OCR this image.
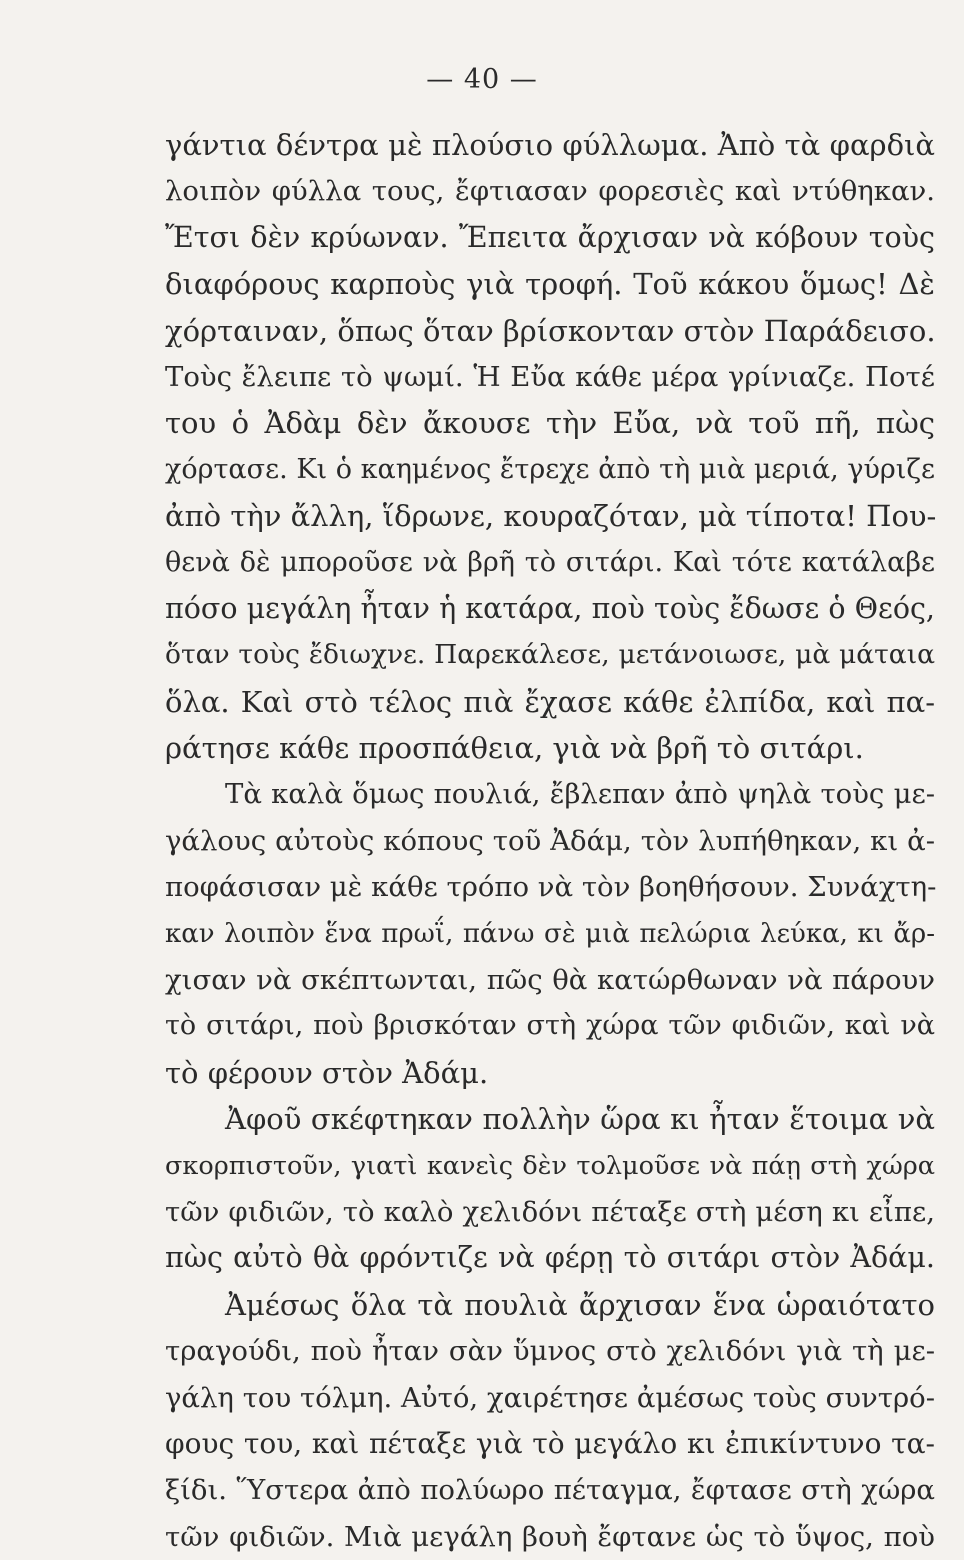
— 40 —
γάντια δέντρα μὲ πλούσιο φύλλωμα. Ἀπὸ τὰ φαρδιὰ
λοιπὸν φύλλα τους, ἔφτιασαν φορεσιὲς καὶ ντύθηκαν.
Ἔτσι δὲν κρύωναν. Ἔπειτα ἄρχισαν νὰ κόβουν τοὺς
διαφόρους καρποὺς γιὰ τροφή. Τοῦ κάκου ὅμως! Δὲ
χόρταιναν, ὅπως ὅταν βρίσκονταν στὸν Παράδεισο.
Τοὺς ἔλειπε τὸ ψωμί. Ἡ Εὔα κάθε μέρα γρίνιαζε. Ποτέ
του ὁ Ἀδὰμ δὲν ἄκουσε τὴν Εὔα, νὰ τοῦ πῆ, πὼς
χόρτασε. Κι ὁ καημένος ἔτρεχε ἀπὸ τὴ μιὰ μεριά, γύριζε
ἀπὸ τὴν ἄλλη, ἵδρωνε, κουραζόταν, μὰ τίποτα! Που-
θενὰ δὲ μποροῦσε νὰ βρῆ τὸ σιτάρι. Καὶ τότε κατάλαβε
πόσο μεγάλη ἦταν ἡ κατάρα, ποὺ τοὺς ἔδωσε ὁ Θεός,
ὅταν τοὺς ἔδιωχνε. Παρεκάλεσε, μετάνοιωσε, μὰ μάταια
ὅλα. Καὶ στὸ τέλος πιὰ ἔχασε κάθε ἐλπίδα, καὶ πα-
ράτησε κάθε προσπάθεια, γιὰ νὰ βρῆ τὸ σιτάρι.
Τὰ καλὰ ὅμως πουλιά, ἔβλεπαν ἀπὸ ψηλὰ τοὺς με-
γάλους αὐτοὺς κόπους τοῦ Ἀδάμ, τὸν λυπήθηκαν, κι ἀ-
ποφάσισαν μὲ κάθε τρόπο νὰ τὸν βοηθήσουν. Συνάχτη-
καν λοιπὸν ἕνα πρωΐ, πάνω σὲ μιὰ πελώρια λεύκα, κι ἄρ-
χισαν νὰ σκέπτωνται, πῶς θὰ κατώρθωναν νὰ πάρουν
τὸ σιτάρι, ποὺ βρισκόταν στὴ χώρα τῶν φιδιῶν, καὶ νὰ
τὸ φέρουν στὸν Ἀδάμ.
Ἀφοῦ σκέφτηκαν πολλὴν ὥρα κι ἦταν ἕτοιμα νὰ
σκορπιστοῦν, γιατὶ κανεὶς δὲν τολμοῦσε νὰ πάῃ στὴ χώρα
τῶν φιδιῶν, τὸ καλὸ χελιδόνι πέταξε στὴ μέση κι εἶπε,
πὼς αὐτὸ θὰ φρόντιζε νὰ φέρῃ τὸ σιτάρι στὸν Ἀδάμ.
Ἀμέσως ὅλα τὰ πουλιὰ ἄρχισαν ἕνα ὡραιότατο
τραγούδι, ποὺ ἦταν σὰν ὕμνος στὸ χελιδόνι γιὰ τὴ με-
γάλη του τόλμη. Αὐτό, χαιρέτησε ἀμέσως τοὺς συντρό-
φους του, καὶ πέταξε γιὰ τὸ μεγάλο κι ἐπικίντυνο τα-
ξίδι. Ὕστερα ἀπὸ πολύωρο πέταγμα, ἔφτασε στὴ χώρα
τῶν φιδιῶν. Μιὰ μεγάλη βουὴ ἔφτανε ὡς τὸ ὕψος, ποὺ
